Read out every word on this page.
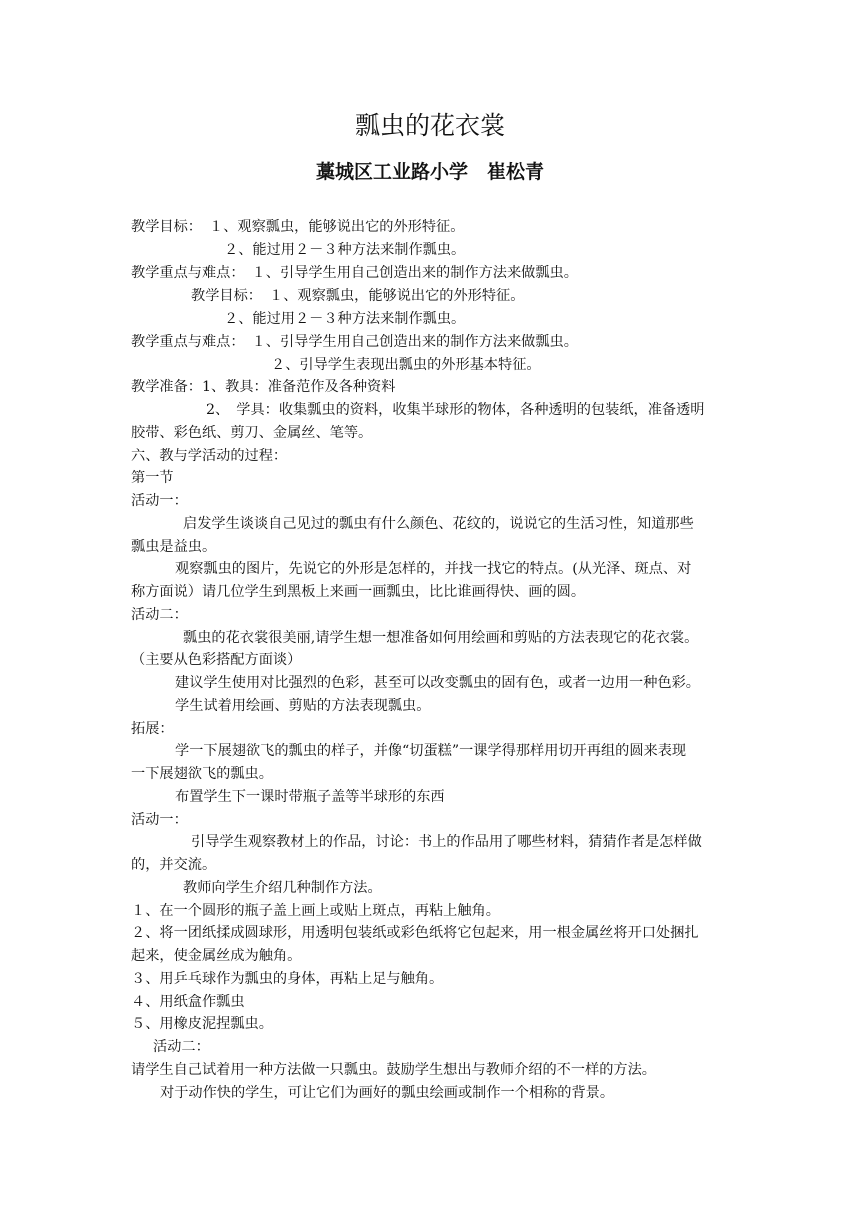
瓢虫的花衣裳
藁城区工业路小学　崔松青
教学目标：　１、观察瓢虫，能够说出它的外形特征。
２、能过用２－３种方法来制作瓢虫。
教学重点与难点：　１、引导学生用自己创造出来的制作方法来做瓢虫。
教学目标：　１、观察瓢虫，能够说出它的外形特征。
２、能过用２－３种方法来制作瓢虫。
教学重点与难点：　１、引导学生用自己创造出来的制作方法来做瓢虫。
２、引导学生表现出瓢虫的外形基本特征。
教学准备：1、教具：准备范作及各种资料
2、　学具：收集瓢虫的资料，收集半球形的物体，各种透明的包装纸，准备透明
胶带、彩色纸、剪刀、金属丝、笔等。
六、教与学活动的过程：
第一节
活动一：
启发学生谈谈自己见过的瓢虫有什么颜色、花纹的，说说它的生活习性，知道那些
瓢虫是益虫。
观察瓢虫的图片，先说它的外形是怎样的，并找一找它的特点。(从光泽、斑点、对
称方面说）请几位学生到黑板上来画一画瓢虫，比比谁画得快、画的圆。
活动二：
瓢虫的花衣裳很美丽,请学生想一想准备如何用绘画和剪贴的方法表现它的花衣裳。
（主要从色彩搭配方面谈）
建议学生使用对比强烈的色彩，甚至可以改变瓢虫的固有色，或者一边用一种色彩。
学生试着用绘画、剪贴的方法表现瓢虫。
拓展：
学一下展翅欲飞的瓢虫的样子，并像“切蛋糕”一课学得那样用切开再组的圆来表现
一下展翅欲飞的瓢虫。
布置学生下一课时带瓶子盖等半球形的东西
活动一：
引导学生观察教材上的作品，讨论：书上的作品用了哪些材料，猜猜作者是怎样做
的，并交流。
教师向学生介绍几种制作方法。
１、在一个圆形的瓶子盖上画上或贴上斑点，再粘上触角。
２、将一团纸揉成圆球形，用透明包装纸或彩色纸将它包起来，用一根金属丝将开口处捆扎
起来，使金属丝成为触角。
３、用乒乓球作为瓢虫的身体，再粘上足与触角。
４、用纸盒作瓢虫
５、用橡皮泥捏瓢虫。
活动二：
请学生自己试着用一种方法做一只瓢虫。鼓励学生想出与教师介绍的不一样的方法。
对于动作快的学生，可让它们为画好的瓢虫绘画或制作一个相称的背景。
